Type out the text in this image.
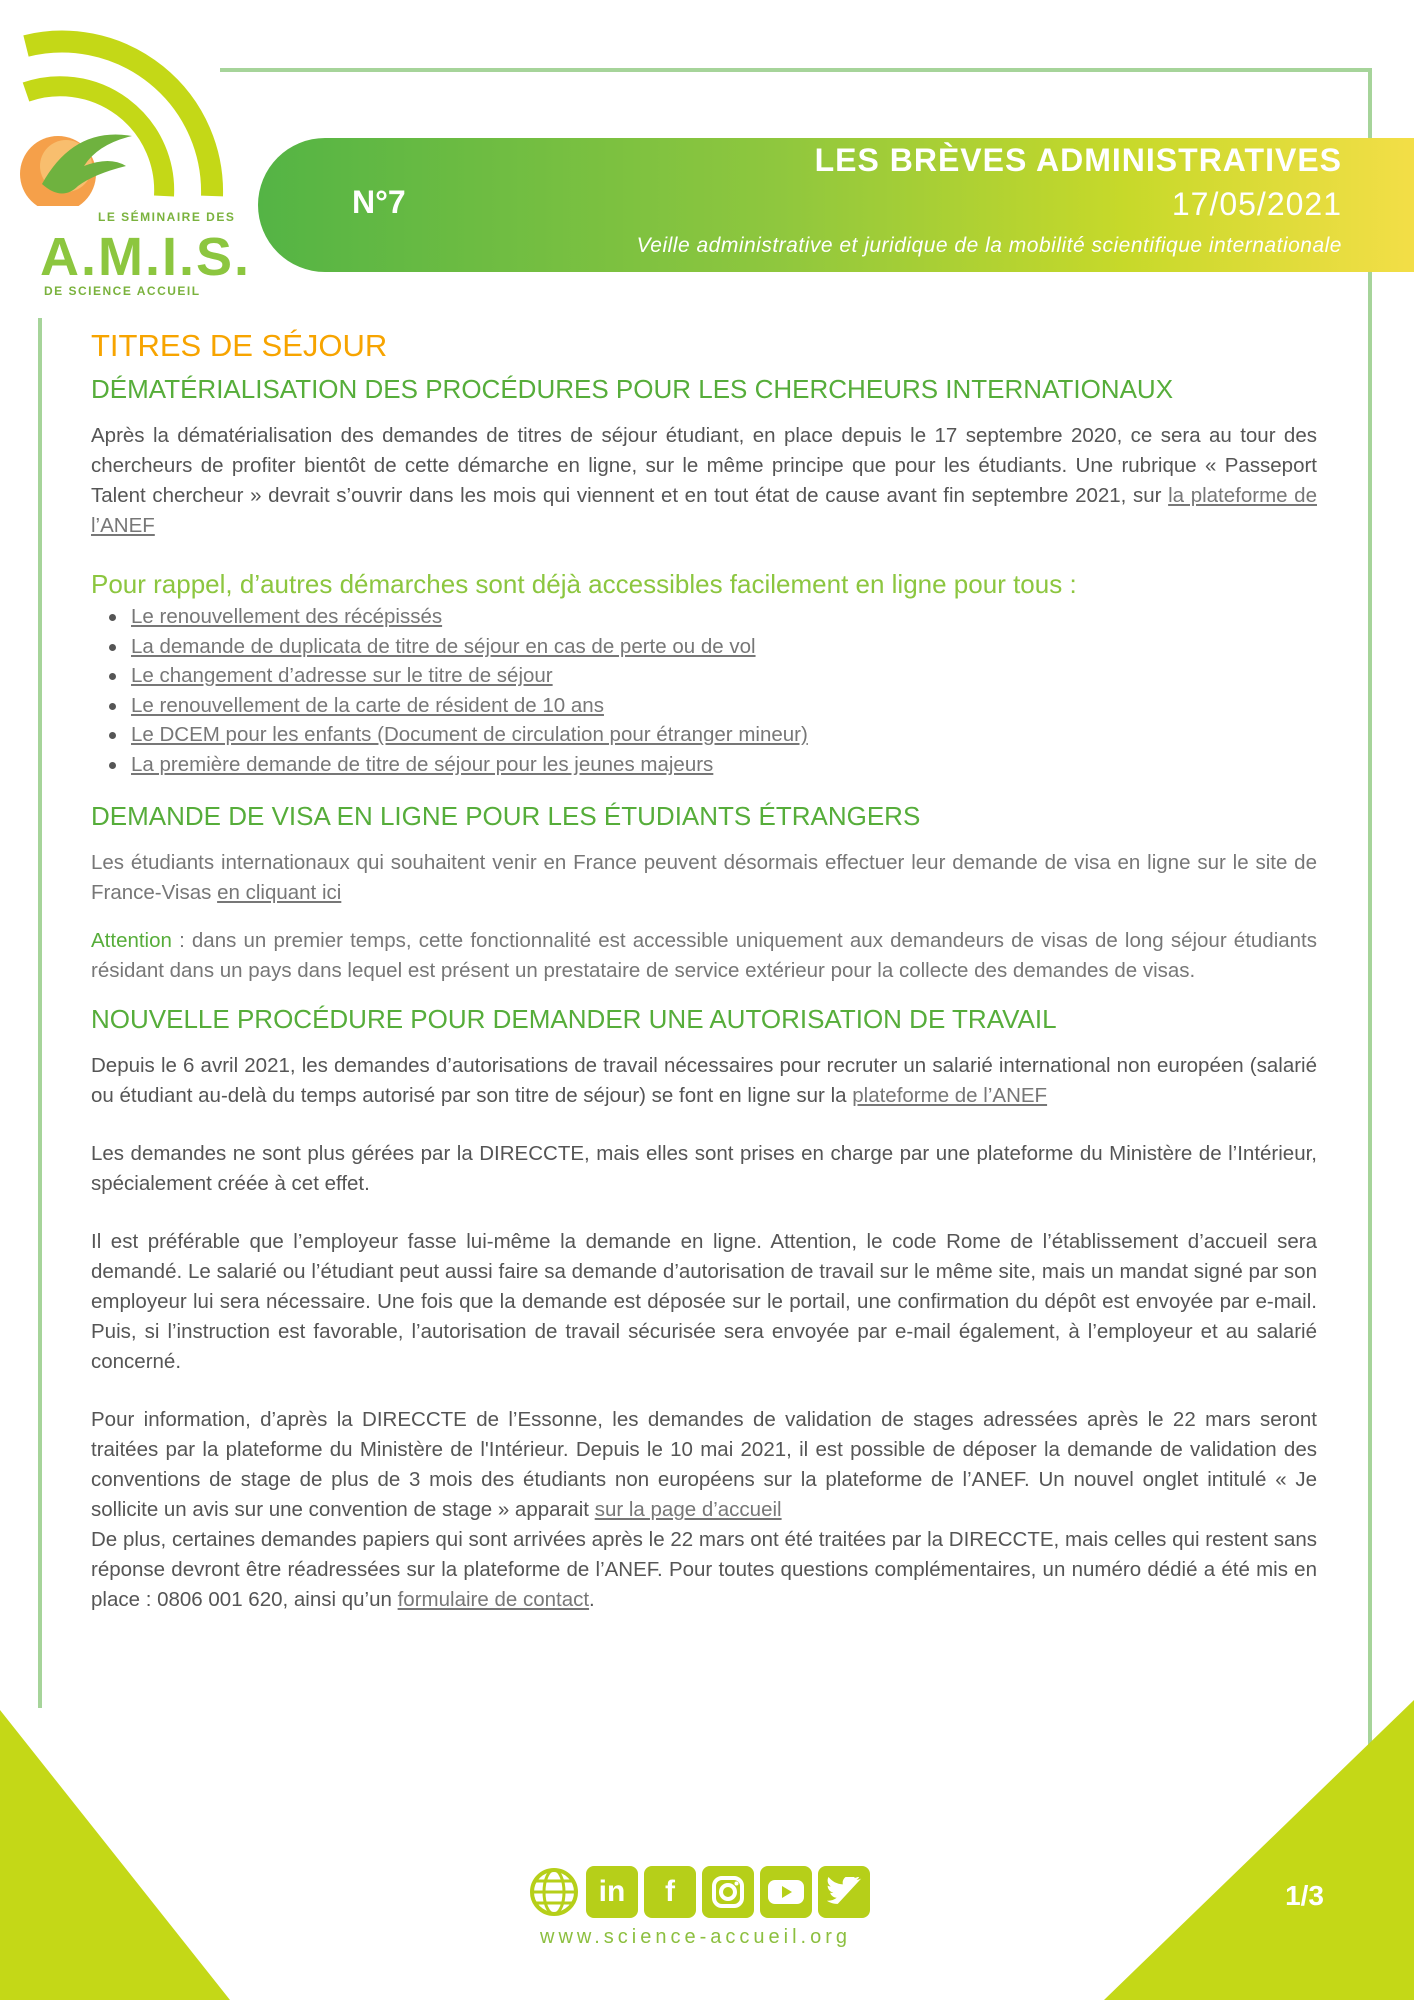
LE SÉMINAIRE DES
A.M.I.S.
DE SCIENCE ACCUEIL
N°7
LES BRÈVES ADMINISTRATIVES
17/05/2021
Veille administrative et juridique de la mobilité scientifique internationale
TITRES DE SÉJOUR
DÉMATÉRIALISATION DES PROCÉDURES POUR LES CHERCHEURS INTERNATIONAUX

Après la dématérialisation des demandes de titres de séjour étudiant, en place depuis le 17 septembre 2020, ce sera au tour des chercheurs de profiter bientôt de cette démarche en ligne, sur le même principe que pour les étudiants. Une rubrique « Passeport Talent chercheur » devrait s’ouvrir dans les mois qui viennent et en tout état de cause avant fin septembre 2021, sur la plateforme de l’ANEF

Pour rappel, d’autres démarches sont déjà accessibles facilement en ligne pour tous :
Le renouvellement des récépissés
La demande de duplicata de titre de séjour en cas de perte ou de vol
Le changement d’adresse sur le titre de séjour
Le renouvellement de la carte de résident de 10 ans
Le DCEM pour les enfants (Document de circulation pour étranger mineur)
La première demande de titre de séjour pour les jeunes majeurs
DEMANDE DE VISA EN LIGNE POUR LES ÉTUDIANTS ÉTRANGERS

Les étudiants internationaux qui souhaitent venir en France peuvent désormais effectuer leur demande de visa en ligne sur le site de France-Visas en cliquant ici

Attention : dans un premier temps, cette fonctionnalité est accessible uniquement aux demandeurs de visas de long séjour étudiants résidant dans un pays dans lequel est présent un prestataire de service extérieur pour la collecte des demandes de visas.

NOUVELLE PROCÉDURE POUR DEMANDER UNE AUTORISATION DE TRAVAIL

Depuis le 6 avril 2021, les demandes d’autorisations de travail nécessaires pour recruter un salarié international non européen (salarié ou étudiant au-delà du temps autorisé par son titre de séjour) se font en ligne sur la plateforme de l’ANEF

Les demandes ne sont plus gérées par la DIRECCTE, mais elles sont prises en charge par une plateforme du Ministère de l’Intérieur, spécialement créée à cet effet.

Il est préférable que l’employeur fasse lui-même la demande en ligne. Attention, le code Rome de l’établissement d’accueil sera demandé. Le salarié ou l’étudiant peut aussi faire sa demande d’autorisation de travail sur le même site, mais un mandat signé par son employeur lui sera nécessaire. Une fois que la demande est déposée sur le portail, une confirmation du dépôt est envoyée par e-mail. Puis, si l’instruction est favorable, l’autorisation de travail sécurisée sera envoyée par e-mail également, à l’employeur et au salarié concerné.

Pour information, d’après la DIRECCTE de l’Essonne, les demandes de validation de stages adressées après le 22 mars seront traitées par la plateforme du Ministère de l'Intérieur. Depuis le 10 mai 2021, il est possible de déposer la demande de validation des conventions de stage de plus de 3 mois des étudiants non européens sur la plateforme de l’ANEF. Un nouvel onglet intitulé « Je sollicite un avis sur une convention de stage » apparait sur la page d’accueil

De plus, certaines demandes papiers qui sont arrivées après le 22 mars ont été traitées par la DIRECCTE, mais celles qui restent sans réponse devront être réadressées sur la plateforme de l’ANEF. Pour toutes questions complémentaires, un numéro dédié a été mis en place : 0806 001 620, ainsi qu’un formulaire de contact.

in	f
www.science-accueil.org
1/3
